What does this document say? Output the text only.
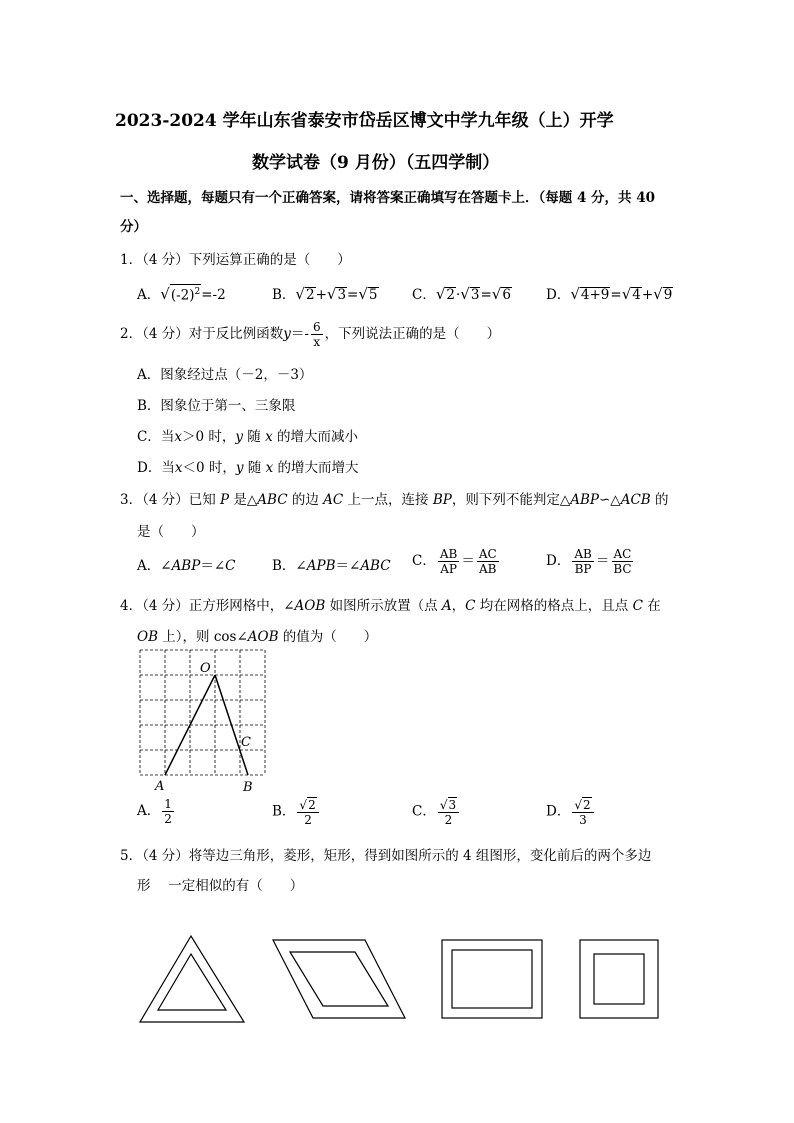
2023-2024 学年山东省泰安市岱岳区博文中学九年级（上）开学
数学试卷（9 月份）（五四学制）
一、选择题，每题只有一个正确答案，请将答案正确填写在答题卡上．（每题 4 分，共 40
分）
1．（4 分）下列运算正确的是（　　）
A．$√(-2)^2=-2$	B．√2+√3=√5	C．√2·√3=√6	D．√4+9=√4+√9
2．（4 分）对于反比例函数$y=- \frac{6}{x}$ ，下列说法正确的是（　　）
A．图象经过点（－2，－3）
B．图象位于第一、三象限
C．当x＞0 时，y 随 x 的增大而减小
D．当x＜0 时，y 随 x 的增大而增大
3．（4 分）已知 P 是△ABC 的边 AC 上一点，连接 BP，则下列不能判定△ABP∽△ACB 的
是（　　）
A．∠ABP＝∠C	B．∠APB＝∠ABC C． $\frac{AB}{AP} = \frac{AC}{AB}$	D． $\frac{AB}{BP} = \frac{AC}{BC}$
4．（4 分）正方形网格中，∠AOB 如图所示放置（点 A，C 均在网格的格点上，且点 C 在
OB 上），则 cos∠AOB 的值为（　　）
O
C
A	B
A． $\frac{1}{2}$	B． $\frac{√2}{2}$	C． $\frac{√3}{2}$	D． $\frac{√2}{3}$
5．（4 分）将等边三角形，菱形，矩形，得到如图所示的 4 组图形，变化前后的两个多边
形　 一定相似的有（　　）
